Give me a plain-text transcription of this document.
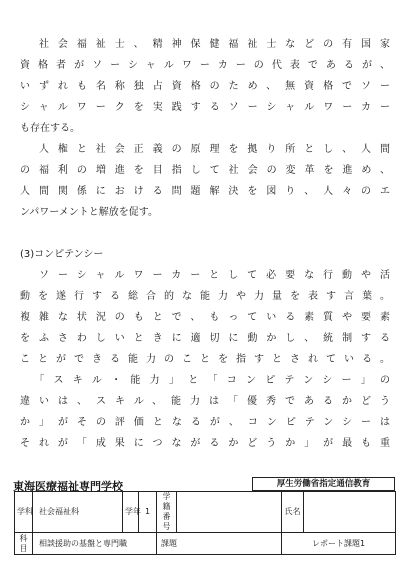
　社会福祉士、精神保健福祉士などの有国家
資格者がソーシャルワーカーの代表であるが、
いずれも名称独占資格のため、無資格でソー
シャルワークを実践するソーシャルワーカー
も存在する。
　人権と社会正義の原理を拠り所とし、人間
の福利の増進を目指して社会の変革を進め、
人間関係における問題解決を図り、人々のエ
ンパワーメントと解放を促す。
(3)コンピテンシー
　ソーシャルワーカーとして必要な行動や活
動を遂行する総合的な能力や力量を表す言葉。
複雑な状況のもとで、もっている素質や要素
をふさわしいときに適切に動かし、統制する
ことができる能力のことを指すとされている。
　「スキル・能力」と「コンピテンシー」の
違いは、スキル、能力は「優秀であるかどう
か」がその評価となるが、コンピテンシーは
それが「成果につながるかどうか」が最も重
東海医療福祉専門学校	厚生労働省指定通信教育
学科	社会福祉科	学年	1	学籍番号		氏名	
科目	相談援助の基盤と専門職			課題		レポート課題1	
